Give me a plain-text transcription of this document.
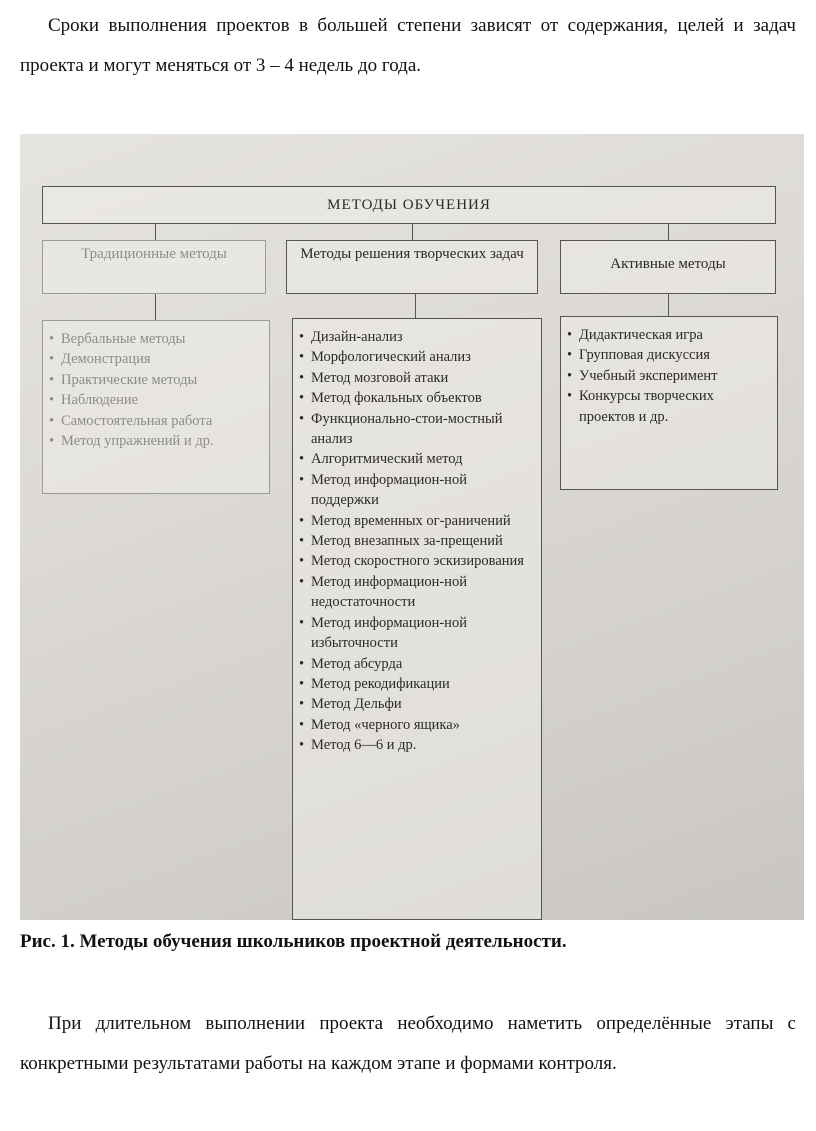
Сроки выполнения проектов в большей степени зависят от содержания, целей и задач проекта и могут меняться от 3 – 4 недель до года.

МЕТОДЫ ОБУЧЕНИЯ
Традиционные методы	Методы решения творческих задач
Активные методы
• Вербальные методы
• Демонстрация
• Практические методы
• Наблюдение
• Самостоятельная работа
• Метод упражнений и др.
• Дизайн-анализ
• Морфологический анализ
• Метод мозговой атаки
• Метод фокальных объектов
• Функционально-стои-мостный анализ
• Алгоритмический метод
• Метод информацион-ной поддержки
• Метод временных ог-раничений
• Метод внезапных за-прещений
• Метод скоростного эскизирования
• Метод информацион-ной недостаточности
• Метод информацион-ной избыточности
• Метод абсурда
• Метод рекодификации
• Метод Дельфи
• Метод «черного ящика»
• Метод 6—6 и др.
• Дидактическая игра
• Групповая дискуссия
• Учебный эксперимент
• Конкурсы творческих проектов и др.

Рис. 1. Методы обучения школьников проектной деятельности.

При длительном выполнении проекта необходимо наметить определённые этапы с конкретными результатами работы на каждом этапе и формами контроля.
